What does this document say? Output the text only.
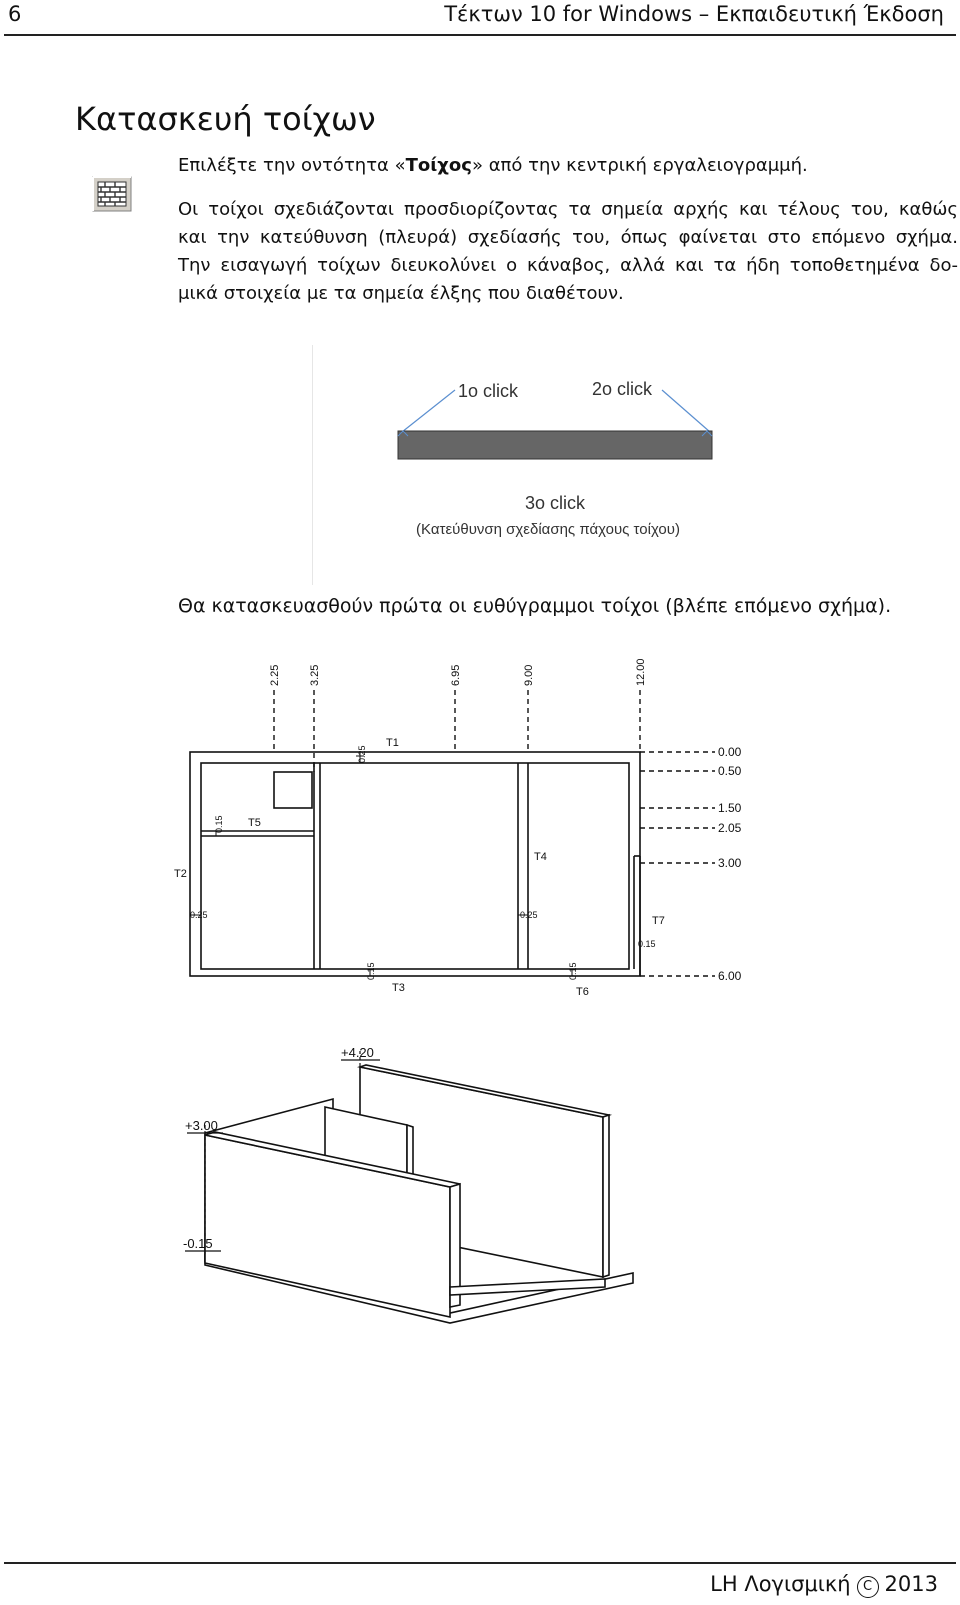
6	Τέκτων 10 for Windows – Εκπαιδευτική Έκδοση
Κατασκευή τοίχων
Επιλέξτε την οντότητα «Τοίχος» από την κεντρική εργαλειογραμμή.
Οι τοίχοι σχεδιάζονται προσδιορίζοντας τα σημεία αρχής και τέλους του, καθώς
και την κατεύθυνση (πλευρά) σχεδίασής του, όπως φαίνεται στο επόμενο σχήμα.
Την εισαγωγή τοίχων διευκολύνει ο κάναβος, αλλά και τα ήδη τοποθετημένα δο-
μικά στοιχεία με τα σημεία έλξης που διαθέτουν.
1ο click	2ο click
3ο click
(Κατεύθυνση σχεδίασης πάχους τοίχου)
Θα κατασκευασθούν πρώτα οι ευθύγραμμοι τοίχοι (βλέπε επόμενο σχήμα).
2.25	3.25	6.95	9.00	12.00
0.00
0.50
1.50
2.05
3.00
6.00
T1
T2
T3
T4
T5
T6
T7
0.25
0.15
0.25	0.25
0.15	0.15
0.15
+4.20
+3.00
-0.15
LH Λογισμική C 2013
